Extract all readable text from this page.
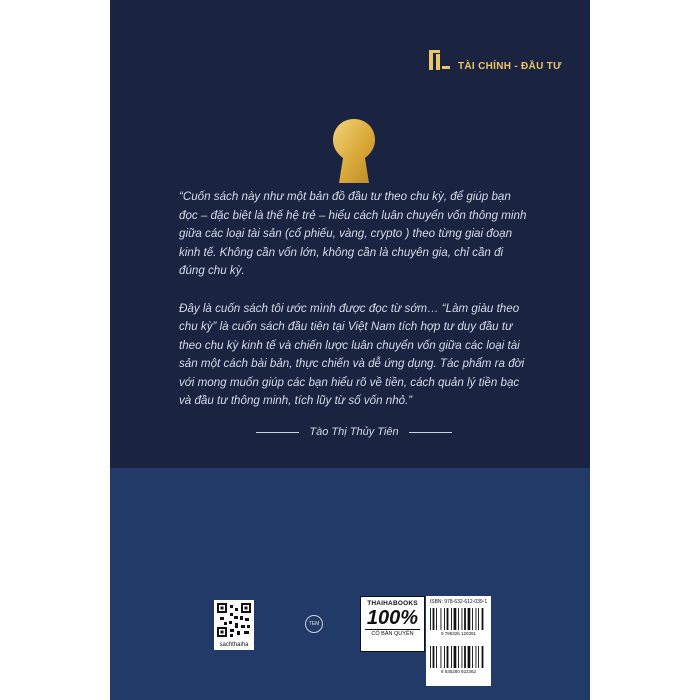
TÀI CHÍNH - ĐẦU TƯ

“Cuốn sách này như một bản đồ đầu tư theo chu kỳ, để giúp bạn đọc – đặc biệt là thế hệ trẻ – hiểu cách luân chuyển vốn thông minh giữa các loại tài sản (cổ phiếu, vàng, crypto ) theo từng giai đoạn kinh tế. Không cần vốn lớn, không cần là chuyên gia, chỉ cần đi đúng chu kỳ.

Đây là cuốn sách tôi ước mình được đọc từ sớm… “Làm giàu theo chu kỳ” là cuốn sách đầu tiên tại Việt Nam tích hợp tư duy đầu tư theo chu kỳ kinh tế và chiến lược luân chuyển vốn giữa các loại tài sản một cách bài bản, thực chiến và dễ ứng dụng. Tác phẩm ra đời với mong muốn giúp các bạn hiểu rõ về tiền, cách quản lý tiền bạc và đầu tư thông minh, tích lũy từ số vốn nhỏ.”

Tào Thị Thủy Tiên
sachthaiha
TEM
THAIHABOOKS
100%
CÓ BẢN QUYỀN
ISBN: 978-632-612-039-1
9 786326 120391
8 935280 922362
